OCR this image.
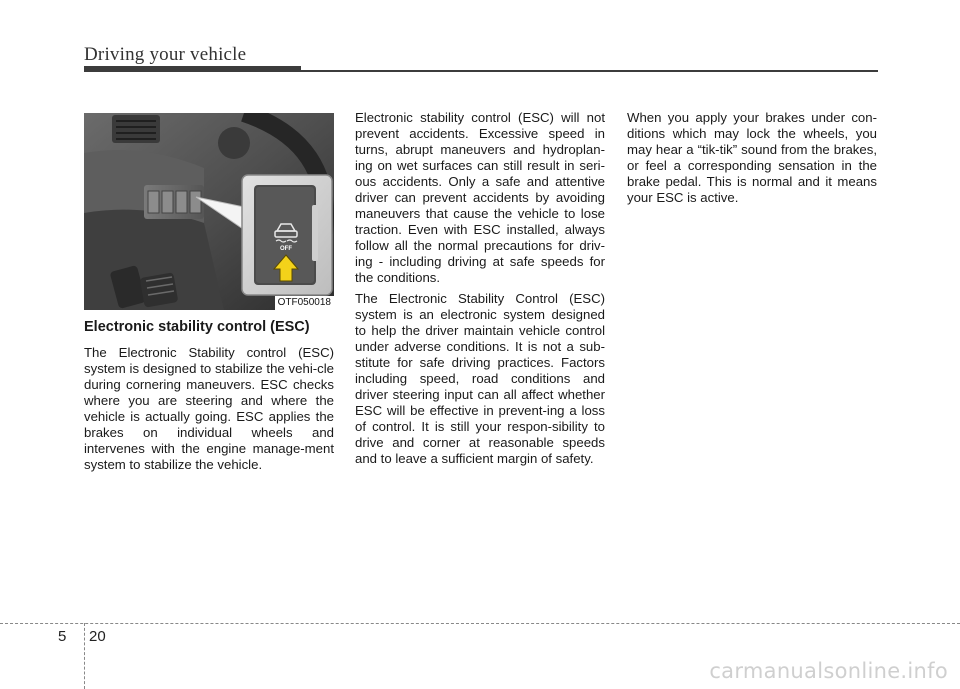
Driving your vehicle
OFF
OTF050018
Electronic stability control (ESC)

The Electronic Stability control (ESC) system is designed to stabilize the vehi-cle during cornering maneuvers. ESC checks where you are steering and where the vehicle is actually going. ESC applies the brakes on individual wheels and intervenes with the engine manage-ment system to stabilize the vehicle.

Electronic stability control (ESC) will not prevent accidents. Excessive speed in turns, abrupt maneuvers and hydroplan-ing on wet surfaces can still result in seri-ous accidents. Only a safe and attentive driver can prevent accidents by avoiding maneuvers that cause the vehicle to lose traction. Even with ESC installed, always follow all the normal precautions for driv-ing - including driving at safe speeds for the conditions.

The Electronic Stability Control (ESC) system is an electronic system designed to help the driver maintain vehicle control under adverse conditions. It is not a sub-stitute for safe driving practices. Factors including speed, road conditions and driver steering input can all affect whether ESC will be effective in prevent-ing a loss of control. It is still your respon-sibility to drive and corner at reasonable speeds and to leave a sufficient margin of safety.

When you apply your brakes under con-ditions which may lock the wheels, you may hear a “tik-tik” sound from the brakes, or feel a corresponding sensation in the brake pedal. This is normal and it means your ESC is active.

5 20
carmanualsonline.info
